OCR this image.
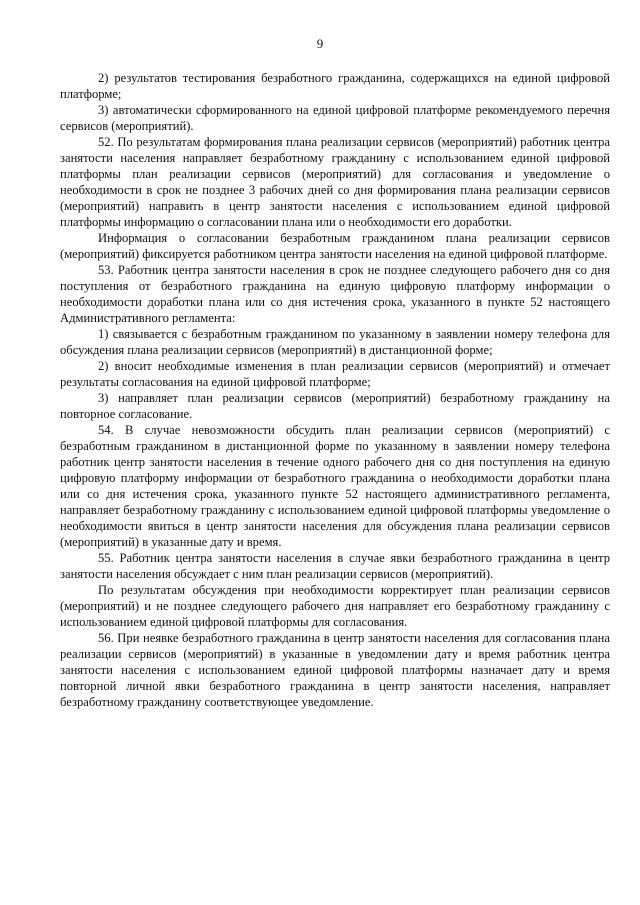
9

2) результатов тестирования безработного гражданина, содержащихся на единой цифровой платформе;

3) автоматически сформированного на единой цифровой платформе рекомендуемого перечня сервисов (мероприятий).

52. По результатам формирования плана реализации сервисов (мероприятий) работник центра занятости населения направляет безработному гражданину с использованием единой цифровой платформы план реализации сервисов (мероприятий) для согласования и уведомление о необходимости в срок не позднее 3 рабочих дней со дня формирования плана реализации сервисов (мероприятий) направить в центр занятости населения с использованием единой цифровой платформы информацию о согласовании плана или о необходимости его доработки.

Информация о согласовании безработным гражданином плана реализации сервисов (мероприятий) фиксируется работником центра занятости населения на единой цифровой платформе.

53. Работник центра занятости населения в срок не позднее следующего рабочего дня со дня поступления от безработного гражданина на единую цифровую платформу информации о необходимости доработки плана или со дня истечения срока, указанного в пункте 52 настоящего Административного регламента:

1) связывается с безработным гражданином по указанному в заявлении номеру телефона для обсуждения плана реализации сервисов (мероприятий) в дистанционной форме;

2) вносит необходимые изменения в план реализации сервисов (мероприятий) и отмечает результаты согласования на единой цифровой платформе;

3) направляет план реализации сервисов (мероприятий) безработному гражданину на повторное согласование.

54. В случае невозможности обсудить план реализации сервисов (мероприятий) с безработным гражданином в дистанционной форме по указанному в заявлении номеру телефона работник центр занятости населения в течение одного рабочего дня со дня поступления на единую цифровую платформу информации от безработного гражданина о необходимости доработки плана или со дня истечения срока, указанного пункте 52 настоящего административного регламента, направляет безработному гражданину с использованием единой цифровой платформы уведомление о необходимости явиться в центр занятости населения для обсуждения плана реализации сервисов (мероприятий) в указанные дату и время.

55. Работник центра занятости населения в случае явки безработного гражданина в центр занятости населения обсуждает с ним план реализации сервисов (мероприятий).

По результатам обсуждения при необходимости корректирует план реализации сервисов (мероприятий) и не позднее следующего рабочего дня направляет его безработному гражданину с использованием единой цифровой платформы для согласования.

56. При неявке безработного гражданина в центр занятости населения для согласования плана реализации сервисов (мероприятий) в указанные в уведомлении дату и время работник центра занятости населения с использованием единой цифровой платформы назначает дату и время повторной личной явки безработного гражданина в центр занятости населения, направляет безработному гражданину соответствующее уведомление.
